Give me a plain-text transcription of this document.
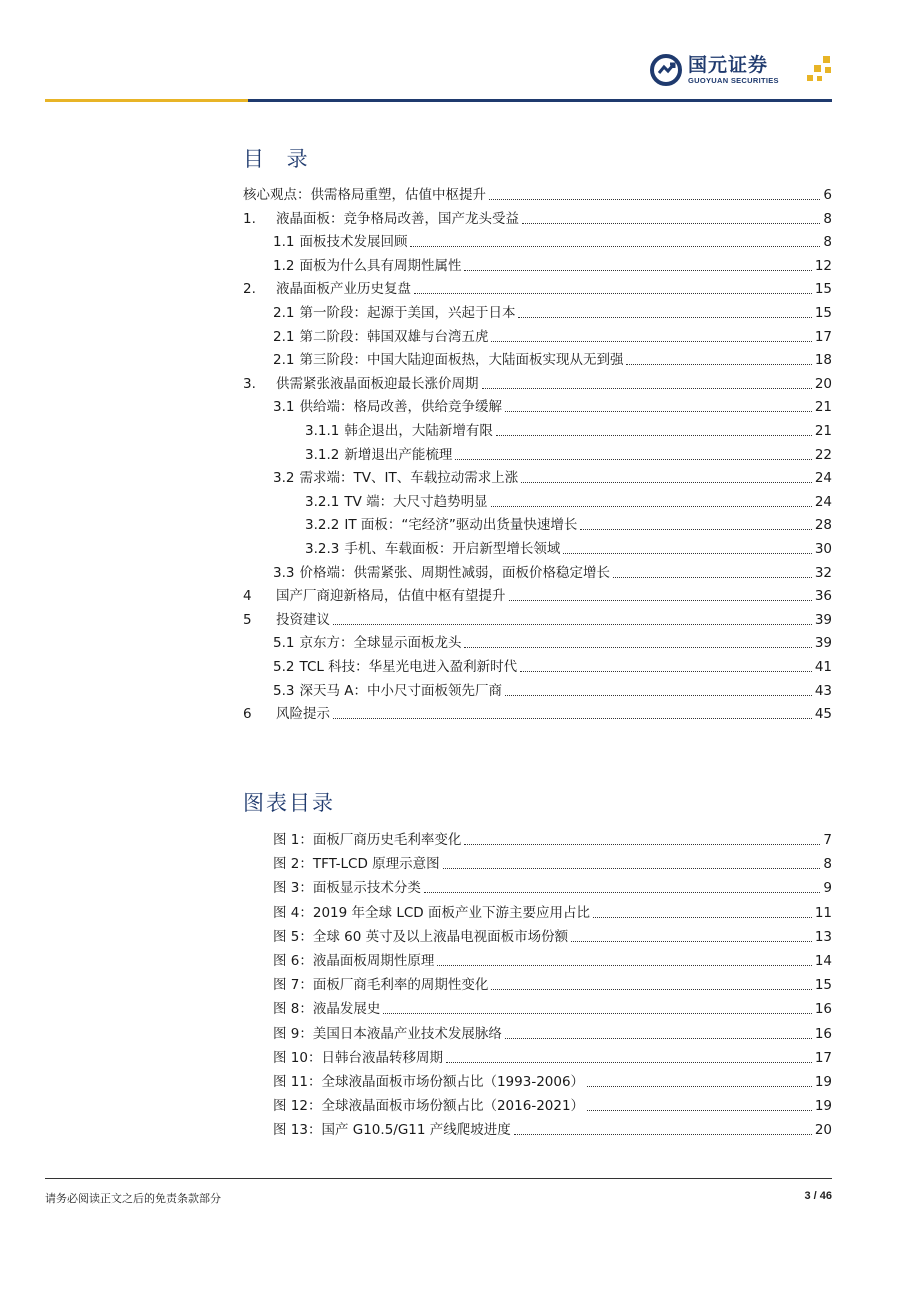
国元证券
GUOYUAN SECURITIES
目 录
核心观点：供需格局重塑，估值中枢提升	6
1.	液晶面板：竞争格局改善，国产龙头受益	8
1.1 面板技术发展回顾	8
1.2 面板为什么具有周期性属性	12
2.	液晶面板产业历史复盘	15
2.1 第一阶段：起源于美国，兴起于日本	15
2.1 第二阶段：韩国双雄与台湾五虎	17
2.1 第三阶段：中国大陆迎面板热，大陆面板实现从无到强	18
3.	供需紧张液晶面板迎最长涨价周期	20
3.1 供给端：格局改善，供给竞争缓解	21
3.1.1 韩企退出，大陆新增有限	21
3.1.2 新增退出产能梳理	22
3.2 需求端：TV、IT、车载拉动需求上涨	24
3.2.1 TV 端：大尺寸趋势明显	24
3.2.2 IT 面板：“宅经济”驱动出货量快速增长	28
3.2.3 手机、车载面板：开启新型增长领域	30
3.3 价格端：供需紧张、周期性减弱，面板价格稳定增长	32
4	国产厂商迎新格局，估值中枢有望提升	36
5	投资建议	39
5.1 京东方：全球显示面板龙头	39
5.2 TCL 科技：华星光电进入盈利新时代	41
5.3 深天马 A：中小尺寸面板领先厂商	43
6	风险提示	45
图表目录
图 1：面板厂商历史毛利率变化	7
图 2：TFT-LCD 原理示意图	8
图 3：面板显示技术分类	9
图 4：2019 年全球 LCD 面板产业下游主要应用占比	11
图 5：全球 60 英寸及以上液晶电视面板市场份额	13
图 6：液晶面板周期性原理	14
图 7：面板厂商毛利率的周期性变化	15
图 8：液晶发展史	16
图 9：美国日本液晶产业技术发展脉络	16
图 10：日韩台液晶转移周期	17
图 11：全球液晶面板市场份额占比（1993-2006）	19
图 12：全球液晶面板市场份额占比（2016-2021）	19
图 13：国产 G10.5/G11 产线爬坡进度	20
请务必阅读正文之后的免责条款部分	3 / 46
